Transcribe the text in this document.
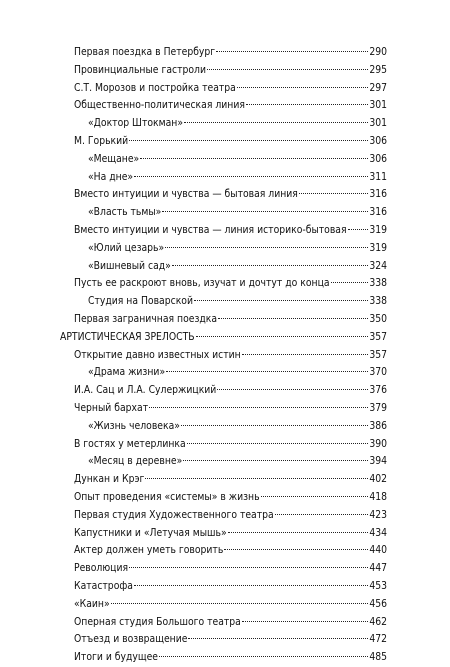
Первая поездка в Петербург	290
Провинциальные гастроли	295
С.Т. Морозов и постройка театра	297
Общественно-политическая линия	301
«Доктор Штокман»	301
М. Горький	306
«Мещане»	306
«На дне»	311
Вместо интуиции и чувства — бытовая линия	316
«Власть тьмы»	316
Вместо интуиции и чувства — линия историко-бытовая 319
«Юлий цезарь»	319
«Вишневый сад»	324
Пусть ее раскроют вновь, изучат и дочтут до конца	338
Студия на Поварской	338
Первая заграничная поездка	350
АРТИСТИЧЕСКАЯ ЗРЕЛОСТЬ	357
Открытие давно известных истин	357
«Драма жизни»	370
И.А. Сац и Л.А. Сулержицкий	376
Черный бархат	379
«Жизнь человека»	386
В гостях у метерлинка	390
«Месяц в деревне»	394
Дункан и Крэг	402
Опыт проведения «системы» в жизнь	418
Первая студия Художественного театра	423
Капустники и «Летучая мышь»	434
Актер должен уметь говорить	440
Революция	447
Катастрофа	453
«Каин»	456
Оперная студия Большого театра	462
Отъезд и возвращение	472
Итоги и будущее	485
